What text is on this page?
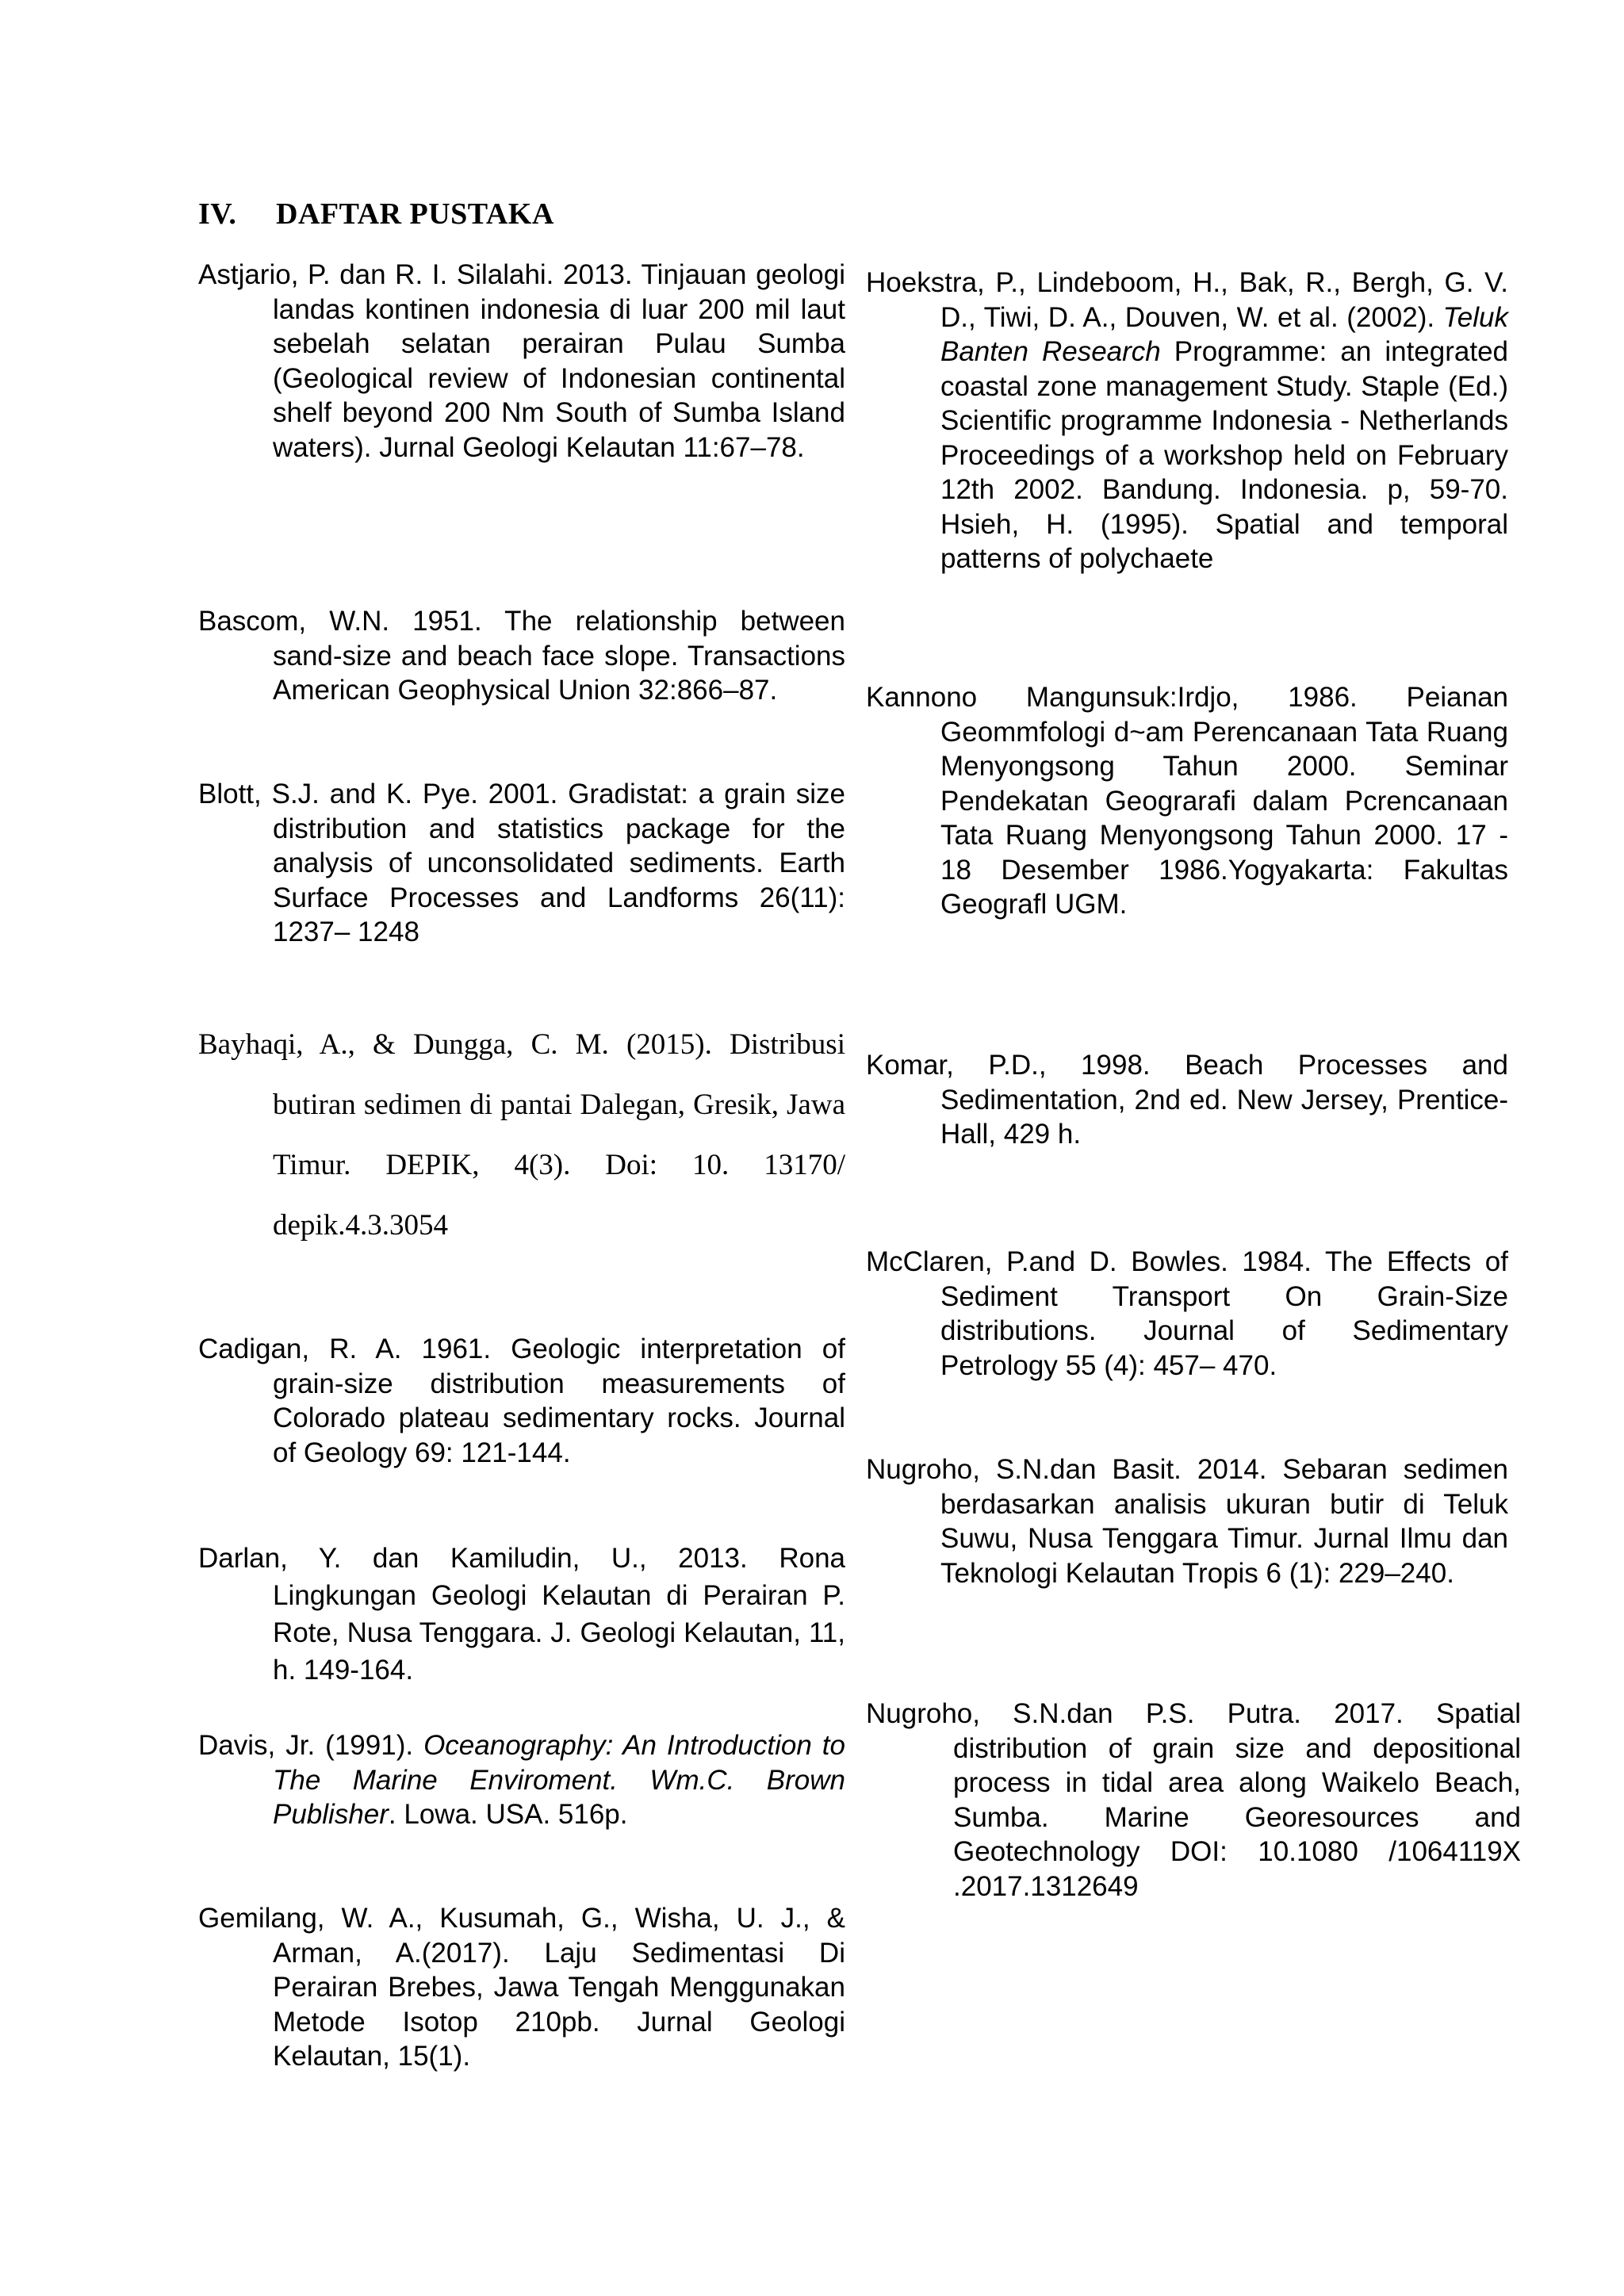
IV. DAFTAR PUSTAKA

Astjario, P. dan R. I. Silalahi. 2013. Tinjauan geologi landas kontinen indonesia di luar 200 mil laut sebelah selatan perairan Pulau Sumba (Geological review of Indonesian continental shelf beyond 200 Nm South of Sumba Island waters). Jurnal Geologi Kelautan 11:67–78.

Bascom, W.N. 1951. The relationship between sand-size and beach face slope. Transactions American Geophysical Union 32:866–87.

Blott, S.J. and K. Pye. 2001. Gradistat: a grain size distribution and statistics package for the analysis of unconsolidated sediments. Earth Surface Processes and Landforms 26(11): 1237– 1248

Bayhaqi, A., & Dungga, C. M. (2015). Distribusi butiran sedimen di pantai Dalegan, Gresik, Jawa Timur. DEPIK, 4(3). Doi: 10. 13170/ depik.4.3.3054

Cadigan, R. A. 1961. Geologic interpretation of grain-size distribution measurements of Colorado plateau sedimentary rocks. Journal of Geology 69: 121-144.

Darlan, Y. dan Kamiludin, U., 2013. Rona Lingkungan Geologi Kelautan di Perairan P. Rote, Nusa Tenggara. J. Geologi Kelautan, 11, h. 149-164.

Davis, Jr. (1991). Oceanography: An Introduction to The Marine Enviroment. Wm.C. Brown Publisher. Lowa. USA. 516p.

Gemilang, W. A., Kusumah, G., Wisha, U. J., & Arman, A.(2017). Laju Sedimentasi Di Perairan Brebes, Jawa Tengah Menggunakan Metode Isotop 210pb. Jurnal Geologi Kelautan, 15(1).

Hoekstra, P., Lindeboom, H., Bak, R., Bergh, G. V. D., Tiwi, D. A., Douven, W. et al. (2002). Teluk Banten Research Programme: an integrated coastal zone management Study. Staple (Ed.) Scientific programme Indonesia - Netherlands Proceedings of a workshop held on February 12th 2002. Bandung. Indonesia. p, 59-70. Hsieh, H. (1995). Spatial and temporal patterns of polychaete

Kannono Mangunsuk:Irdjo, 1986. Peianan Geommfologi d~am Perencanaan Tata Ruang Menyongsong Tahun 2000. Seminar Pendekatan Geograrafi dalam Pcrencanaan Tata Ruang Menyongsong Tahun 2000. 17 - 18 Desember 1986.Yogyakarta: Fakultas Geografl UGM.

Komar, P.D., 1998. Beach Processes and Sedimentation, 2nd ed. New Jersey, Prentice- Hall, 429 h.

McClaren, P.and D. Bowles. 1984. The Effects of Sediment Transport On Grain-Size distributions. Journal of Sedimentary Petrology 55 (4): 457– 470.

Nugroho, S.N.dan Basit. 2014. Sebaran sedimen berdasarkan analisis ukuran butir di Teluk Suwu, Nusa Tenggara Timur. Jurnal Ilmu dan Teknologi Kelautan Tropis 6 (1): 229–240.

Nugroho, S.N.dan P.S. Putra. 2017. Spatial distribution of grain size and depositional process in tidal area along Waikelo Beach, Sumba. Marine Georesources and Geotechnology DOI: 10.1080 /1064119X .2017.1312649
